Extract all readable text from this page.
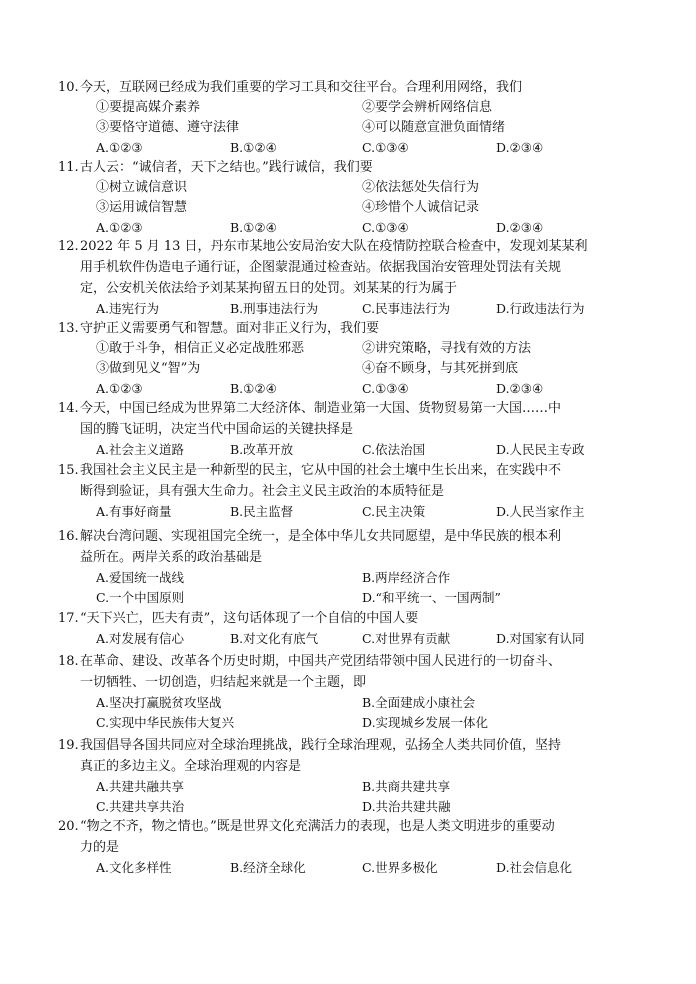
10.今天，互联网已经成为我们重要的学习工具和交往平台。合理利用网络，我们
①要提高媒介素养	②要学会辨析网络信息
③要恪守道德、遵守法律	④可以随意宣泄负面情绪
A.①②③	B.①②④	C.①③④	D.②③④
11.古人云：“诚信者，天下之结也。”践行诚信，我们要
①树立诚信意识	②依法惩处失信行为
③运用诚信智慧	④珍惜个人诚信记录
A.①②③	B.①②④	C.①③④	D.②③④
12.2022 年 5 月 13 日，丹东市某地公安局治安大队在疫情防控联合检查中，发现刘某某利
用手机软件伪造电子通行证，企图蒙混通过检查站。依据我国治安管理处罚法有关规
定，公安机关依法给予刘某某拘留五日的处罚。刘某某的行为属于
A.违宪行为	B.刑事违法行为	C.民事违法行为	D.行政违法行为
13.守护正义需要勇气和智慧。面对非正义行为，我们要
①敢于斗争，相信正义必定战胜邪恶	②讲究策略，寻找有效的方法
③做到见义“智”为	④奋不顾身，与其死拼到底
A.①②③	B.①②④	C.①③④	D.②③④
14.今天，中国已经成为世界第二大经济体、制造业第一大国、货物贸易第一大国……中
国的腾飞证明，决定当代中国命运的关键抉择是
A.社会主义道路	B.改革开放	C.依法治国	D.人民民主专政
15.我国社会主义民主是一种新型的民主，它从中国的社会土壤中生长出来，在实践中不
断得到验证，具有强大生命力。社会主义民主政治的本质特征是
A.有事好商量	B.民主监督	C.民主决策	D.人民当家作主
16.解决台湾问题、实现祖国完全统一，是全体中华儿女共同愿望，是中华民族的根本利
益所在。两岸关系的政治基础是
A.爱国统一战线	B.两岸经济合作
C.一个中国原则	D.“和平统一、一国两制”
17.“天下兴亡，匹夫有责”，这句话体现了一个自信的中国人要
A.对发展有信心	B.对文化有底气	C.对世界有贡献	D.对国家有认同
18.在革命、建设、改革各个历史时期，中国共产党团结带领中国人民进行的一切奋斗、
一切牺牲、一切创造，归结起来就是一个主题，即
A.坚决打赢脱贫攻坚战	B.全面建成小康社会
C.实现中华民族伟大复兴	D.实现城乡发展一体化
19.我国倡导各国共同应对全球治理挑战，践行全球治理观，弘扬全人类共同价值，坚持
真正的多边主义。全球治理观的内容是
A.共建共融共享	B.共商共建共享
C.共建共享共治	D.共治共建共融
20.“物之不齐，物之情也。”既是世界文化充满活力的表现，也是人类文明进步的重要动
力的是
A.文化多样性	B.经济全球化	C.世界多极化	D.社会信息化
